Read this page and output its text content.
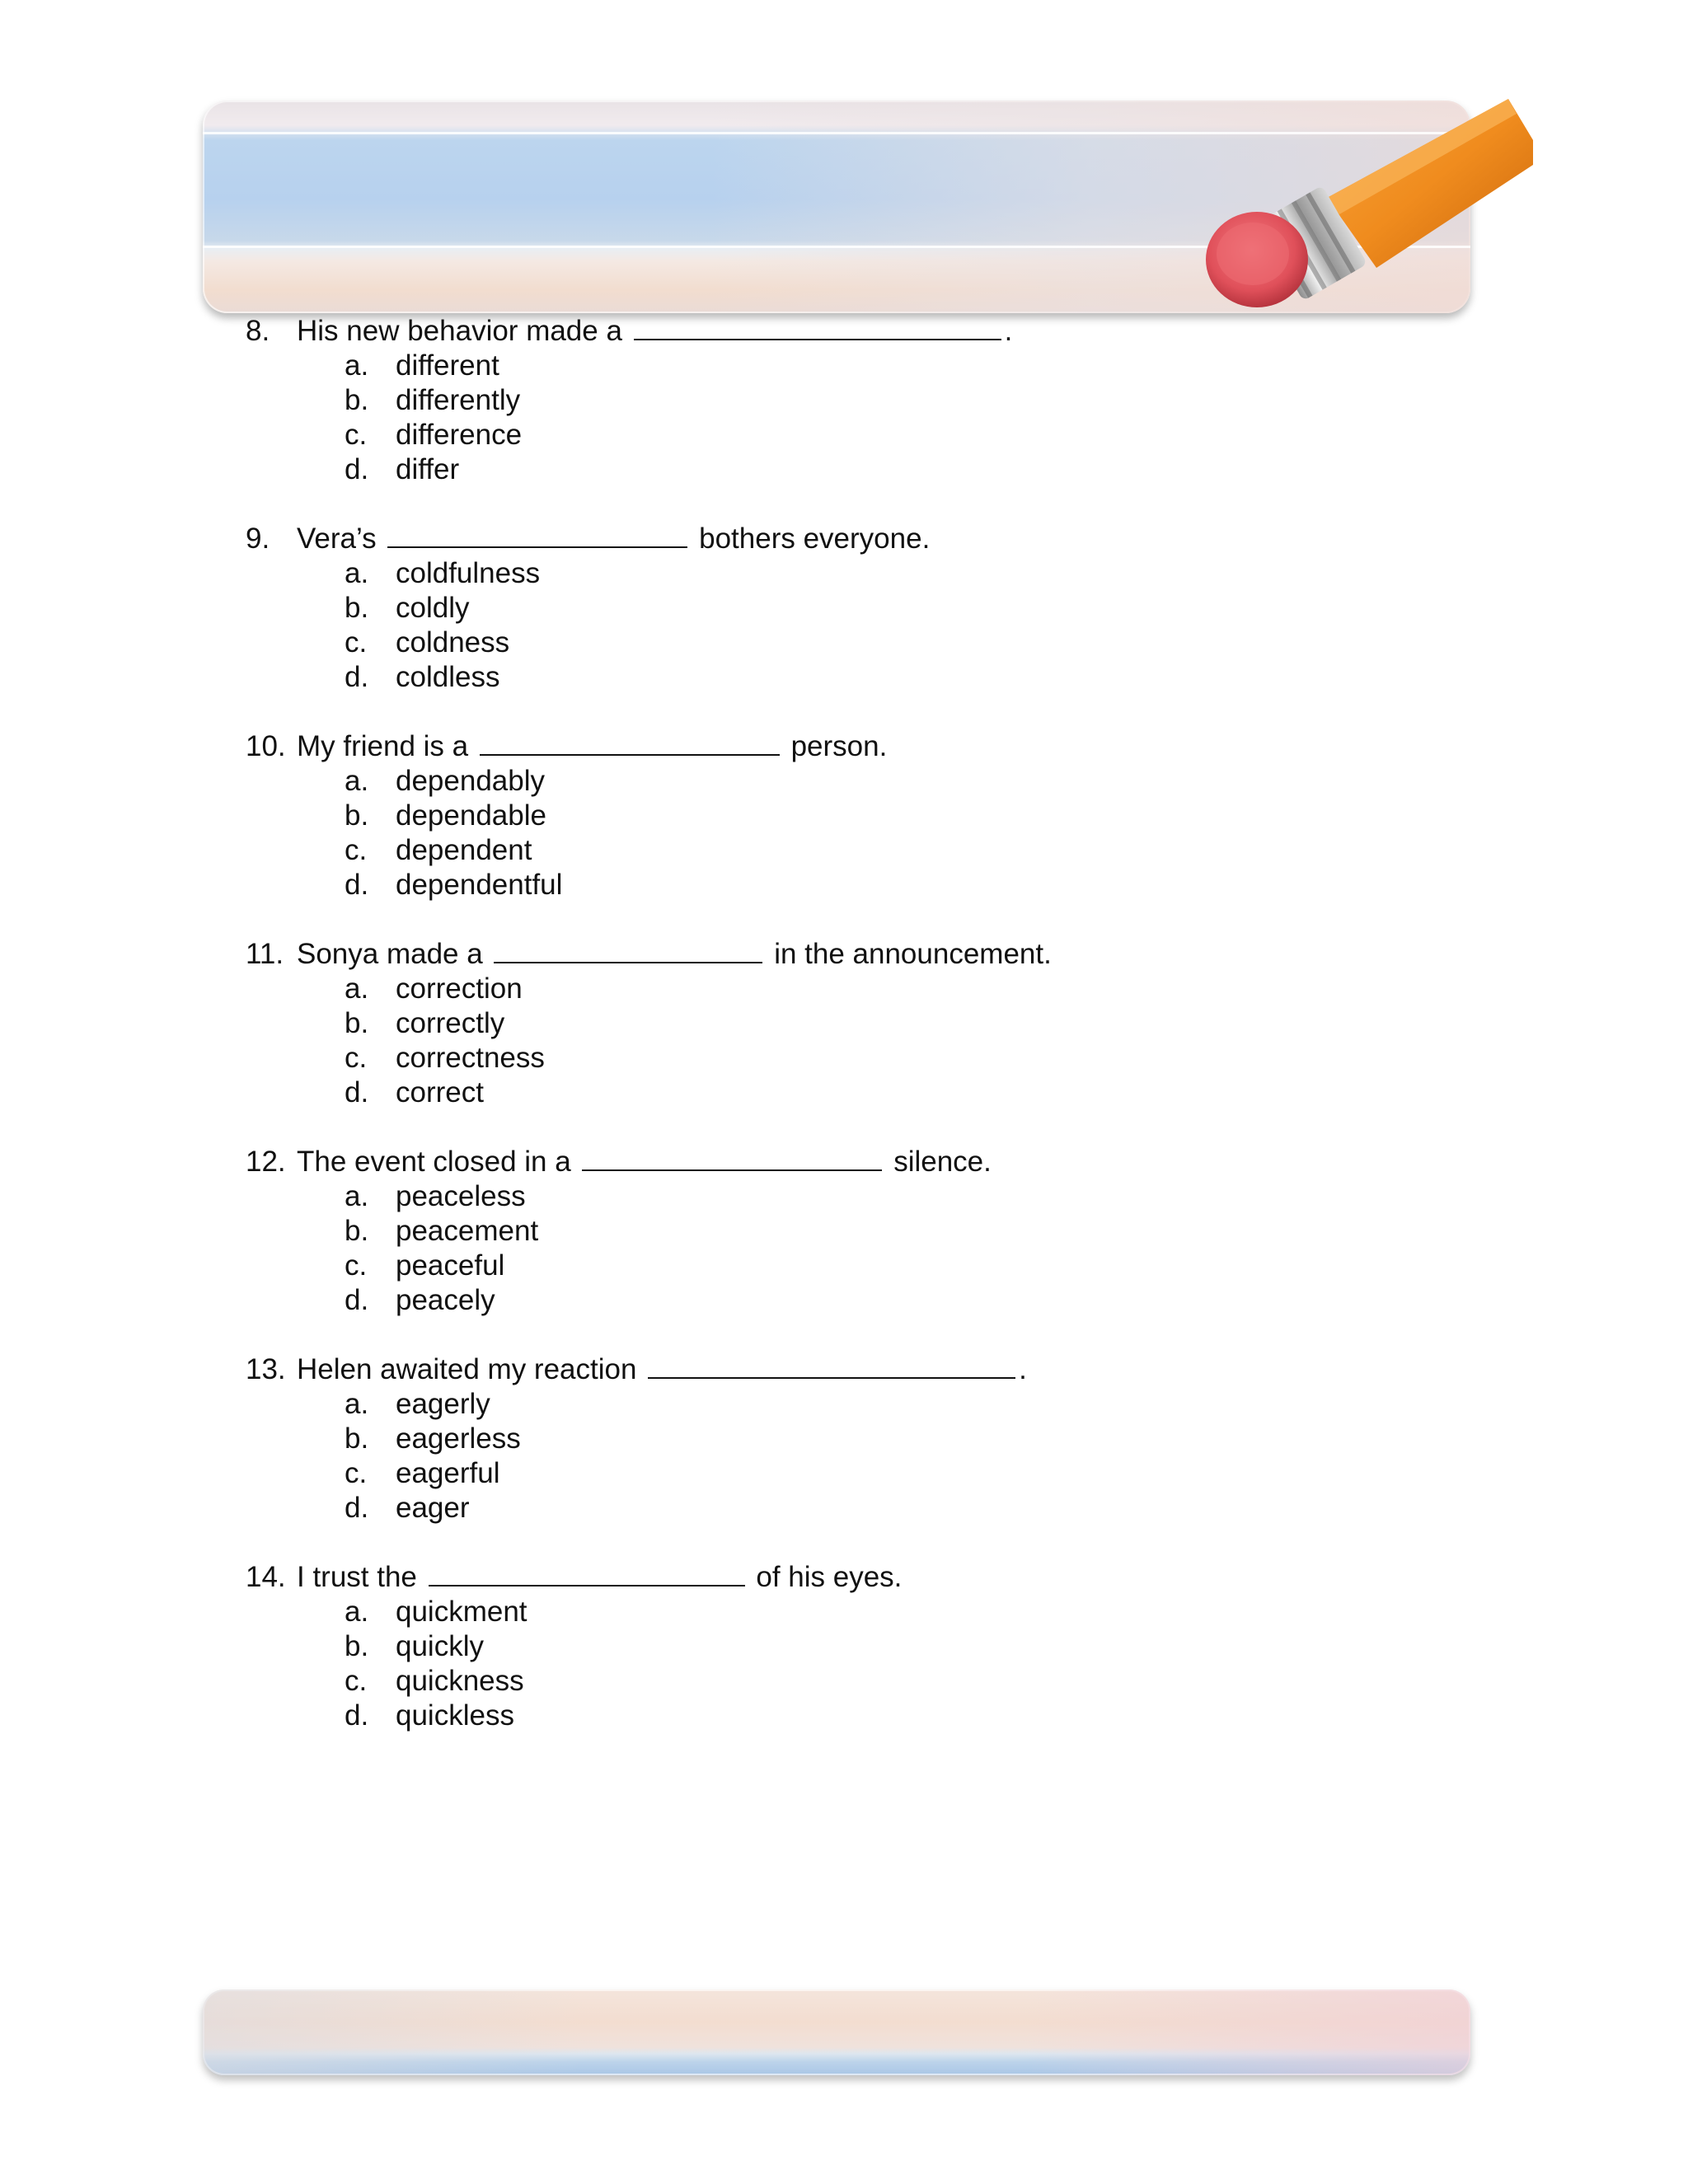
8. His new behavior made a	.
a. different
b. differently
c. difference
d. differ
9. Vera’s	bothers everyone.
a. coldfulness
b. coldly
c. coldness
d. coldless
10. My friend is a	person.
a. dependably
b. dependable
c. dependent
d. dependentful
11. Sonya made a	in the announcement.
a. correction
b. correctly
c. correctness
d. correct
12. The event closed in a	silence.
a. peaceless
b. peacement
c. peaceful
d. peacely
13. Helen awaited my reaction	.
a. eagerly
b. eagerless
c. eagerful
d. eager
14. I trust the	of his eyes.
a. quickment
b. quickly
c. quickness
d. quickless
